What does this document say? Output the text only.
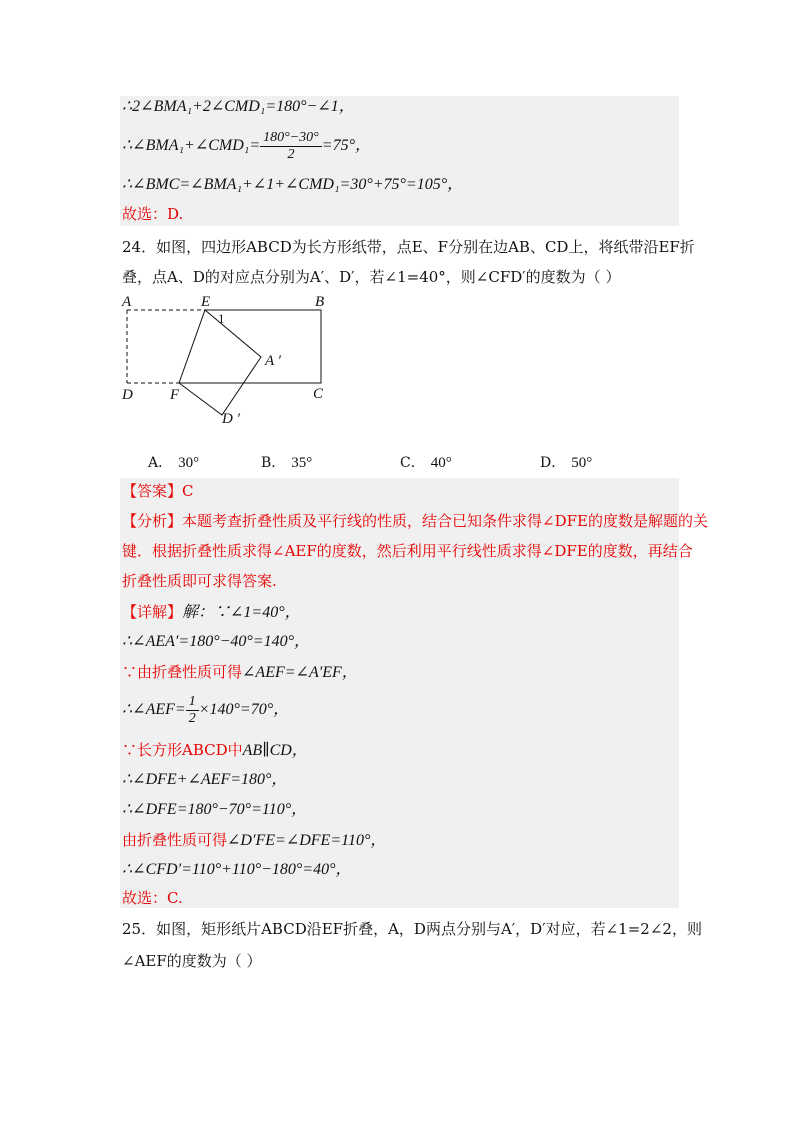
∴2∠BMA₁+2∠CMD₁=180°−∠1，
∴∠BMA₁+∠CMD₁= $\frac{180^\circ-30^\circ}{2} =75^\circ$，
∴∠BMC=∠BMA₁+∠1+∠CMD₁=30°+75°=105°，
故选：D.
24．如图，四边形ABCD为长方形纸带，点E、F分别在边AB、CD上，将纸带沿EF折
叠，点A、D的对应点分别为A′、D′，若∠1=40°，则∠CFD′的度数为（ ）
A	E	B
1
A ′
D F	C
D ′
A． 30°	B． 35°	C． 40°	D． 50°
【答案】C
【分析】本题考查折叠性质及平行线的性质，结合已知条件求得∠DFE的度数是解题的关
键．根据折叠性质求得∠AEF的度数，然后利用平行线性质求得∠DFE的度数，再结合
折叠性质即可求得答案.
【详解】解：∵∠1=40°，
∴∠AEA′=180°−40°=140°，
∵由折叠性质可得∠AEF=∠A′EF，
∴∠AEF= $\frac{1}{2} \times 140^\circ=70^\circ$，
∵长方形ABCD中AB∥CD，
∴∠DFE+∠AEF=180°，
∴∠DFE=180°−70°=110°，
由折叠性质可得∠D′FE=∠DFE=110°，
∴∠CFD′=110°+110°−180°=40°，
故选：C.
25．如图，矩形纸片ABCD沿EF折叠，A，D两点分别与A′，D′对应，若∠1=2∠2，则
∠AEF的度数为（ ）
